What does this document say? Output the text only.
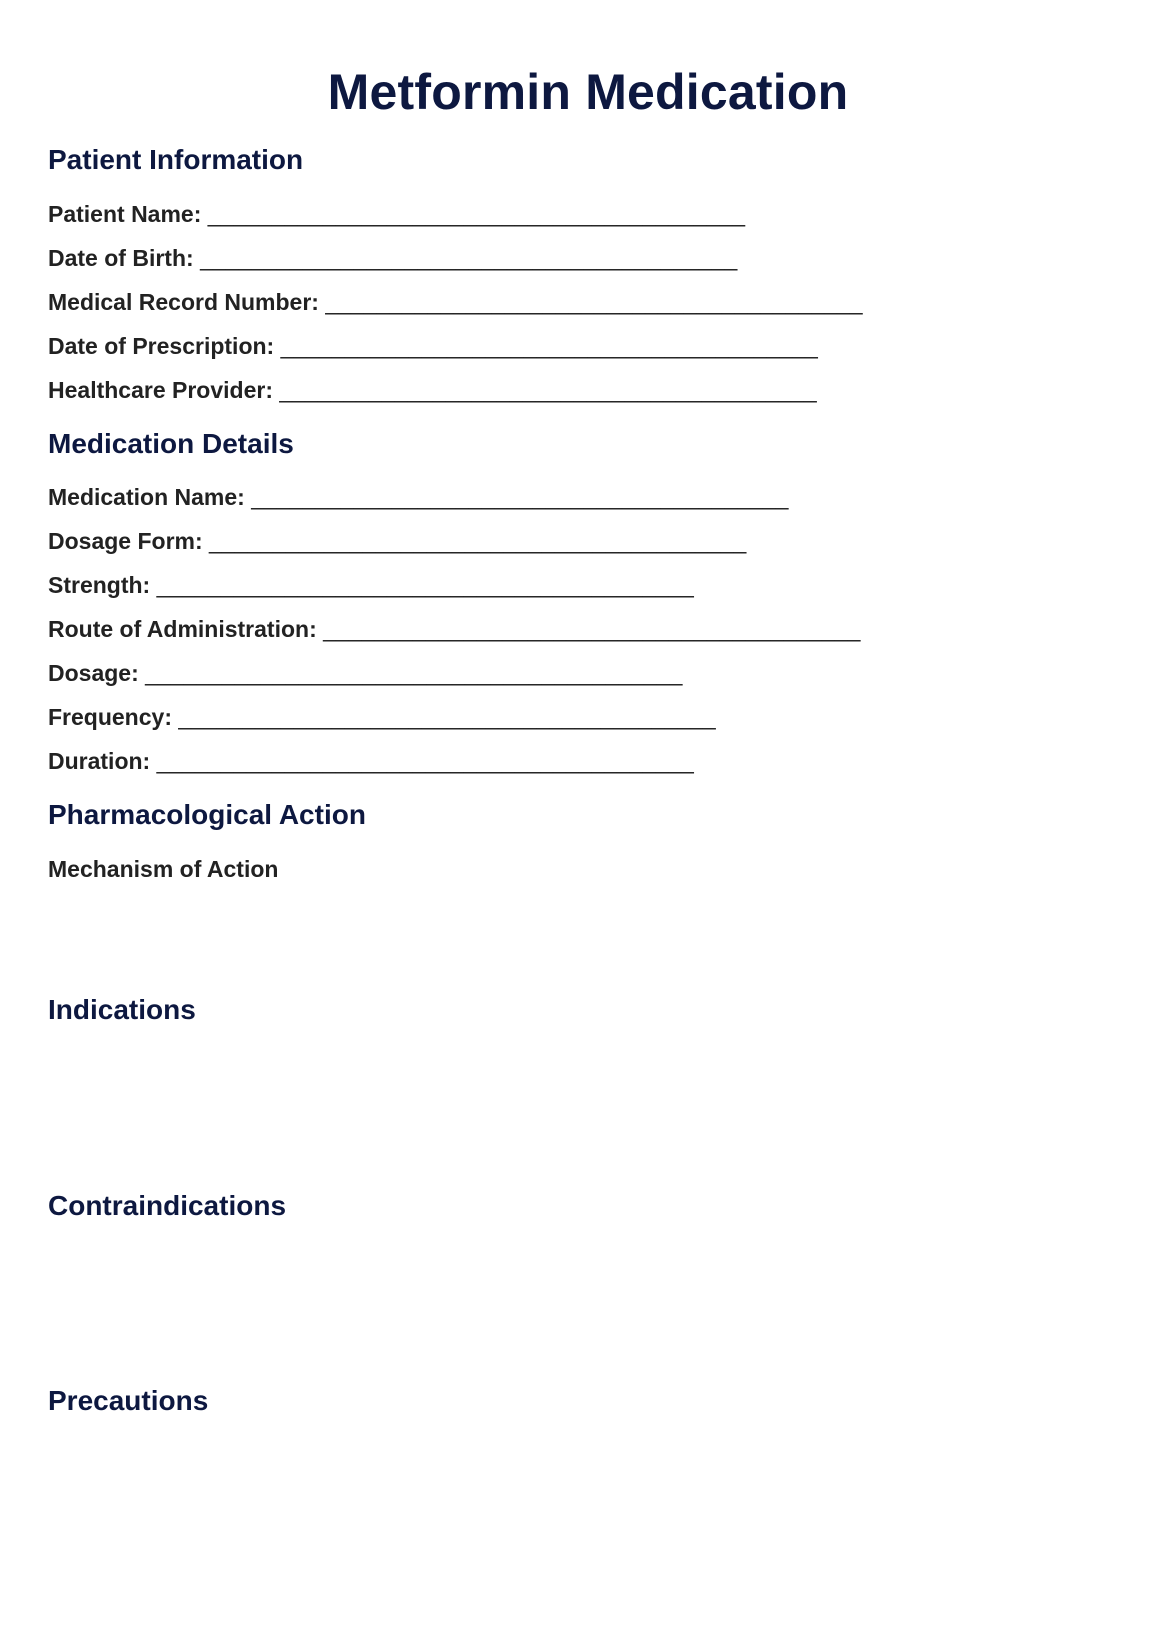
Metformin Medication
Patient Information
Patient Name: __________________________________________
Date of Birth: __________________________________________
Medical Record Number: __________________________________________
Date of Prescription: __________________________________________
Healthcare Provider: __________________________________________
Medication Details
Medication Name: __________________________________________
Dosage Form: __________________________________________
Strength: __________________________________________
Route of Administration: __________________________________________
Dosage: __________________________________________
Frequency: __________________________________________
Duration: __________________________________________
Pharmacological Action
Mechanism of Action
Indications
Contraindications
Precautions
